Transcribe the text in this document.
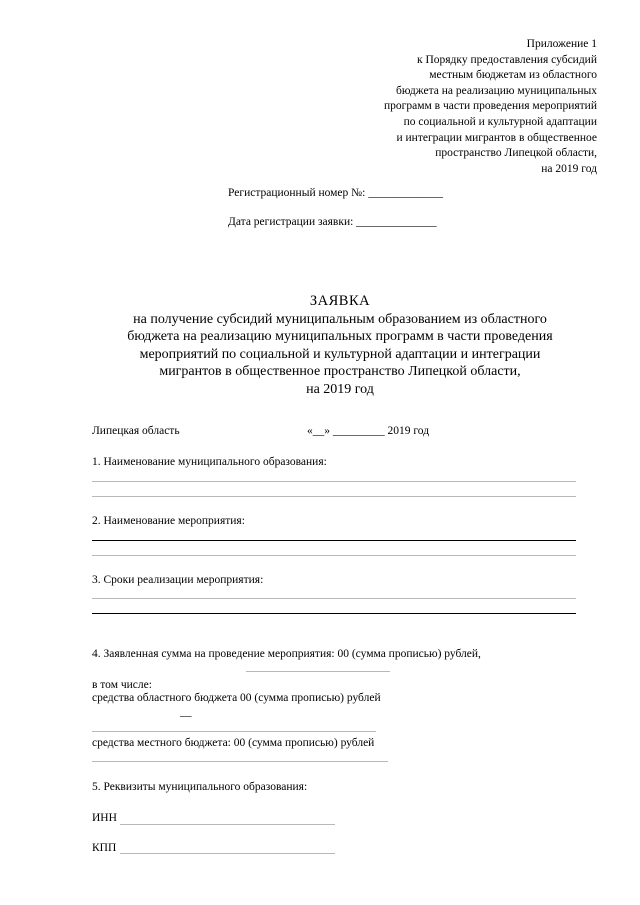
Приложение 1
к Порядку предоставления субсидий
местным бюджетам из областного
бюджета на реализацию муниципальных
программ в части проведения мероприятий
по социальной и культурной адаптации
и интеграции мигрантов в общественное
пространство Липецкой области,
на 2019 год
Регистрационный номер №: _____________
Дата регистрации заявки: ______________
ЗАЯВКА
на получение субсидий муниципальным образованием из областного
бюджета на реализацию муниципальных программ в части проведения
мероприятий по социальной и культурной адаптации и интеграции
мигрантов в общественное пространство Липецкой области,
на 2019 год
Липецкая область	«__» _________ 2019 год
1. Наименование муниципального образования:
2. Наименование мероприятия:
3. Сроки реализации мероприятия:
4. Заявленная сумма на проведение мероприятия: 00 (сумма прописью) рублей,
в том числе:
средства областного бюджета 00 (сумма прописью) рублей
—
средства местного бюджета: 00 (сумма прописью) рублей
5. Реквизиты муниципального образования:
ИНН
КПП
